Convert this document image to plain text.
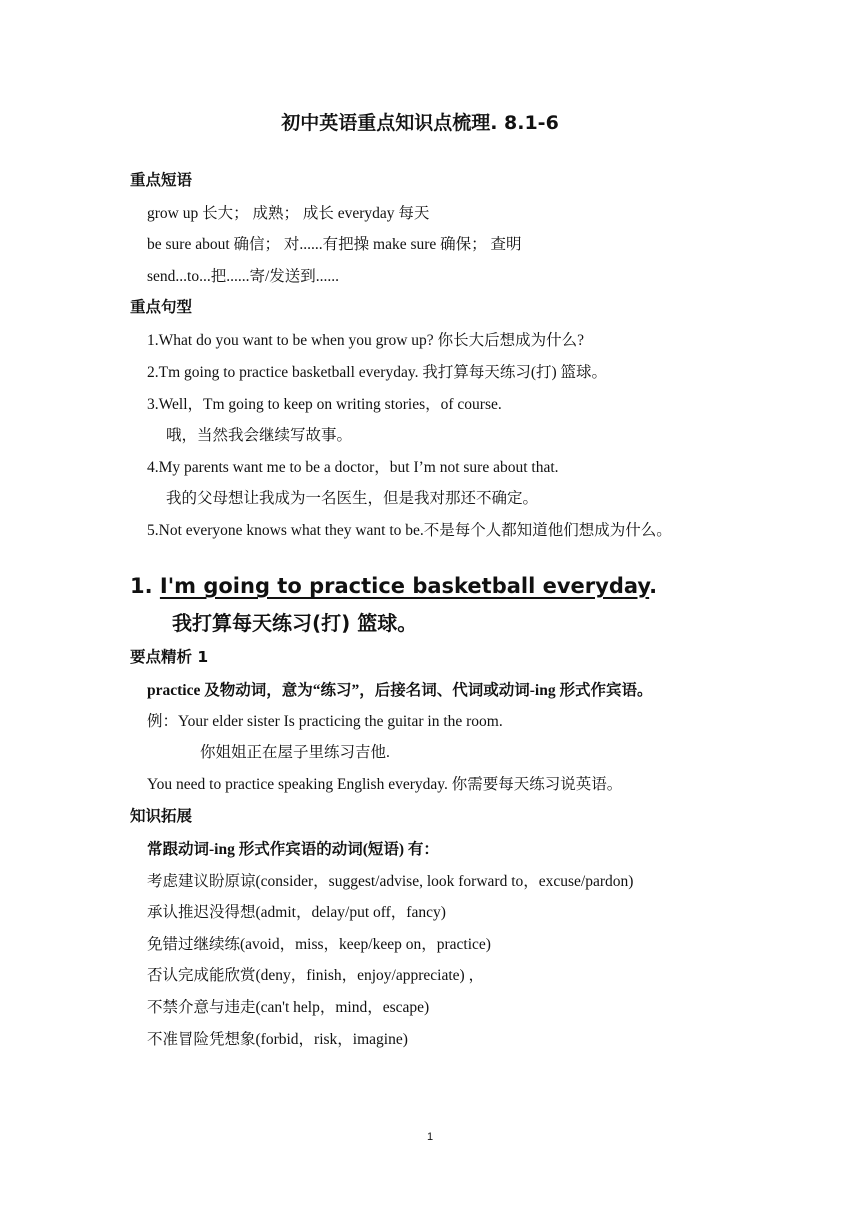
初中英语重点知识点梳理. 8.1-6
重点短语
grow up 长大； 成熟； 成长 everyday 每天
be sure about 确信； 对......有把操 make sure 确保； 查明
send...to...把......寄/发送到......
重点句型
1.What do you want to be when you grow up? 你长大后想成为什么?
2.Tm going to practice basketball everyday. 我打算每天练习(打) 篮球。
3.Well，Tm going to keep on writing stories，of course.
哦，当然我会继续写故事。
4.My parents want me to be a doctor，but I’m not sure about that.
我的父母想让我成为一名医生，但是我对那还不确定。
5.Not everyone knows what they want to be.不是每个人都知道他们想成为什么。
1. I'm going to practice basketball everyday.
我打算每天练习(打) 篮球。
要点精析 1
practice 及物动词，意为“练习”，后接名词、代词或动词-ing 形式作宾语。
例：Your elder sister Is practicing the guitar in the room.
你姐姐正在屋子里练习吉他.
You need to practice speaking English everyday. 你需要每天练习说英语。
知识拓展
常跟动词-ing 形式作宾语的动词(短语) 有：
考虑建议盼原谅(consider，suggest/advise, look forward to，excuse/pardon)
承认推迟没得想(admit，delay/put off，fancy)
免错过继续练(avoid，miss，keep/keep on，practice)
否认完成能欣赏(deny，finish，enjoy/appreciate) ，
不禁介意与违走(can't help，mind，escape)
不准冒险凭想象(forbid，risk，imagine)
1
